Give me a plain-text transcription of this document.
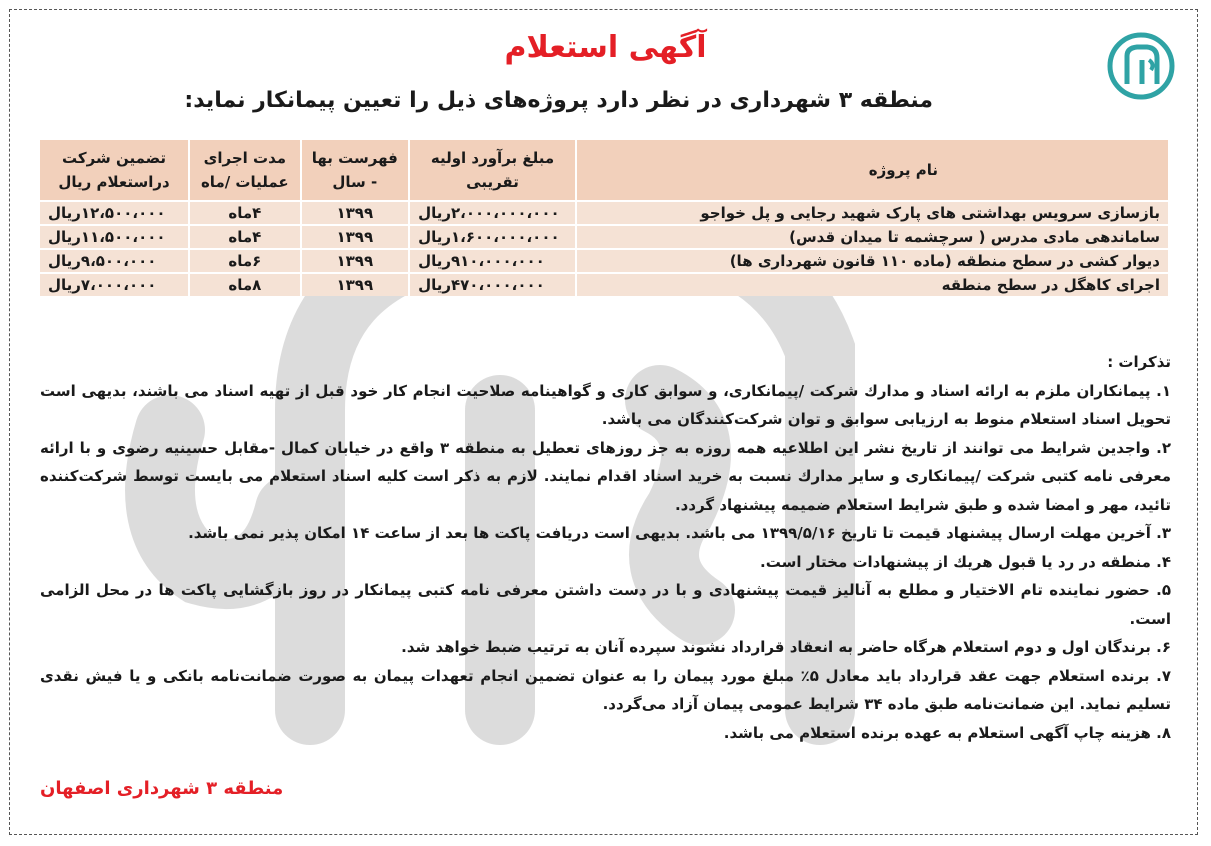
آگهی استعلام
منطقه ۳ شهرداری در نظر دارد پروژه‌های ذیل را تعیین پیمانکار نماید:
نام پروژه	مبلغ برآورد اولیه تقریبی	فهرست بها - سال	مدت اجرای عملیات /ماه	تضمین شرکت دراستعلام ریال
بازسازی سرویس بهداشتی های پارک شهید رجایی و پل خواجو	۲،۰۰۰،۰۰۰،۰۰۰ریال	۱۳۹۹	۴ماه	۱۲،۵۰۰،۰۰۰ریال
ساماندهی مادی مدرس ( سرچشمه تا میدان قدس)	۱،۶۰۰،۰۰۰،۰۰۰ریال	۱۳۹۹	۴ماه	۱۱،۵۰۰،۰۰۰ریال
دیوار کشی در سطح منطقه (ماده ۱۱۰ قانون شهرداری ها)	۹۱۰،۰۰۰،۰۰۰ریال	۱۳۹۹	۶ماه	۹،۵۰۰،۰۰۰ریال
اجرای کاهگل در سطح منطقه	۴۷۰،۰۰۰،۰۰۰ریال	۱۳۹۹	۸ماه	۷،۰۰۰،۰۰۰ریال

تذکرات :

۱. پیمانکاران ملزم به ارائه اسناد و مدارك شرکت /پیمانکاری، و سوابق کاری و گواهینامه صلاحیت انجام کار خود قبل از تهیه اسناد می باشند، بدیهی است تحویل اسناد استعلام منوط به ارزیابی سوابق و توان شرکت‌کنندگان می باشد.

۲. واجدین شرایط می توانند از تاریخ نشر این اطلاعیه همه روزه به جز روزهای تعطیل به منطقه ۳ واقع در خیابان کمال -مقابل حسینیه رضوی و با ارائه معرفی نامه کتبی شرکت /پیمانکاری و سایر مدارك نسبت به خرید اسناد اقدام نمایند. لازم به ذکر است کلیه اسناد استعلام می بایست توسط شرکت‌کننده تائید، مهر و امضا شده و طبق شرایط استعلام ضمیمه پیشنهاد گردد.

۳. آخرین مهلت ارسال پیشنهاد قیمت تا تاریخ ۱۳۹۹/۵/۱۶ می باشد. بدیهی است دریافت پاکت ها بعد از ساعت ۱۴ امکان پذیر نمی باشد.

۴. منطقه در رد یا قبول هریك از پیشنهادات مختار است.

۵. حضور نماینده تام الاختیار و مطلع به آنالیز قیمت پیشنهادی و با در دست داشتن معرفی نامه کتبی پیمانکار در روز بازگشایی پاکت ها در محل الزامی است.

۶. برندگان اول و دوم استعلام هرگاه حاضر به انعقاد قرارداد نشوند سپرده آنان به ترتیب ضبط خواهد شد.

۷. برنده استعلام جهت عقد قرارداد باید معادل ۵٪ مبلغ مورد پیمان را به عنوان تضمین انجام تعهدات پیمان به صورت ضمانت‌نامه بانکی و یا فیش نقدی تسلیم نماید. این ضمانت‌نامه طبق ماده ۳۴ شرایط عمومی پیمان آزاد می‌گردد.

۸. هزینه چاپ آگهی استعلام به عهده برنده استعلام می باشد.

منطقه ۳ شهرداری اصفهان
